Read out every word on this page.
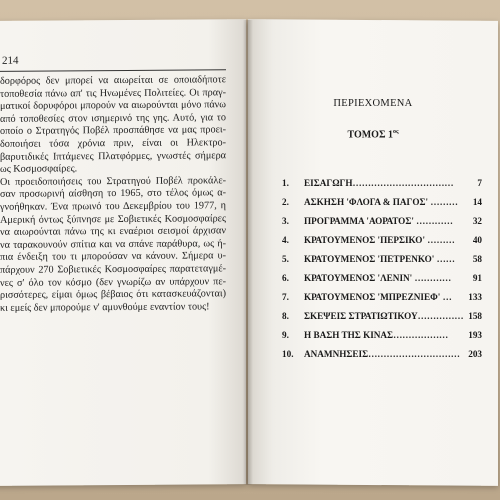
214
δορφόρος δεν μπορεί να αιωρείται σε οποιαδήποτε
τοποθεσία πάνω απ' τις Ηνωμένες Πολιτείες. Οι πραγ-
ματικοί δορυφόροι μπορούν να αιωρούνται μόνο πάνω
από τοποθεσίες στον ισημερινό της γης. Αυτό, για το
οποίο ο Στρατηγός Ποβέλ προσπάθησε να μας προει-
δοποιήσει τόσα χρόνια πριν, είναι οι Ηλεκτρο-
βαρυτιδικές Ιπτάμενες Πλατφόρμες, γνωστές σήμερα
ως Κοσμοσφαίρες.
Οι προειδοποιήσεις του Στρατηγού Ποβέλ προκάλε-
σαν προσωρινή αίσθηση το 1965, στο τέλος όμως α-
γνοήθηκαν. Ένα πρωινό του Δεκεμβρίου του 1977, η
Αμερική όντως ξύπνησε με Σοβιετικές Κοσμοσφαίρες
να αιωρούνται πάνω της κι εναέριοι σεισμοί άρχισαν
να ταρακουνούν σπίτια και να σπάνε παράθυρα, ως ή-
πια ένδειξη του τι μπορούσαν να κάνουν. Σήμερα υ-
πάρχουν 270 Σοβιετικές Κοσμοσφαίρες παρατεταγμέ-
νες σ' όλο τον κόσμο (δεν γνωρίζω αν υπάρχουν πε-
ρισσότερες, είμαι όμως βέβαιος ότι κατασκευάζονται)
κι εμείς δεν μπορούμε ν' αμυνθούμε εναντίον τους!
ΠΕΡΙΕΧΟΜΕΝΑ
ΤΟΜΟΣ $1^{o\varsigma}$
1.	ΕΙΣΑΓΩΓΗ……………………………	7
2.	ΑΣΚΗΣΗ 'ΦΛΟΓΑ & ΠΑΓΟΣ' ……… 14
3.	ΠΡΟΓΡΑΜΜΑ 'ΑΟΡΑΤΟΣ' ………… 32
4.	ΚΡΑΤΟΥΜΕΝΟΣ 'ΠΕΡΣΙΚΟ' ……… 40
5.	ΚΡΑΤΟΥΜΕΝΟΣ 'ΠΕΤΡΕΝΚΟ' …… 58
6.	ΚΡΑΤΟΥΜΕΝΟΣ 'ΛΕΝΙΝ' ………… 91
7.	ΚΡΑΤΟΥΜΕΝΟΣ 'ΜΠΡΕΖΝΙΕΦ' … 133
8.	ΣΚΕΨΕΙΣ ΣΤΡΑΤΙΩΤΙΚΟΥ…………… 158
9.	Η ΒΑΣΗ ΤΗΣ ΚΙΝΑΣ……………… 193
10.	ΑΝΑΜΝΗΣΕΙΣ………………………… 203
